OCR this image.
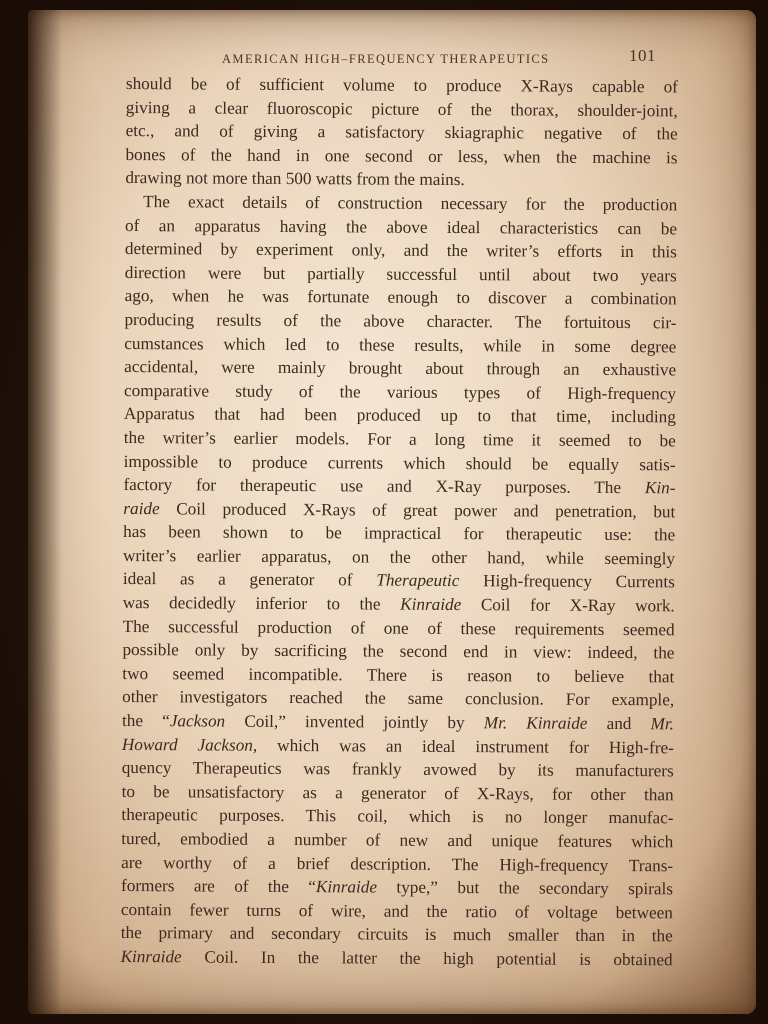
AMERICAN HIGH–FREQUENCY THERAPEUTICS	101
should be of sufficient volume to produce X-Rays capable of
giving a clear fluoroscopic picture of the thorax, shoulder-joint,
etc., and of giving a satisfactory skiagraphic negative of the
bones of the hand in one second or less, when the machine is
drawing not more than 500 watts from the mains.
The exact details of construction necessary for the production
of an apparatus having the above ideal characteristics can be
determined by experiment only, and the writer’s efforts in this
direction were but partially successful until about two years
ago, when he was fortunate enough to discover a combination
producing results of the above character. The fortuitous cir-
cumstances which led to these results, while in some degree
accidental, were mainly brought about through an exhaustive
comparative study of the various types of High-frequency
Apparatus that had been produced up to that time, including
the writer’s earlier models. For a long time it seemed to be
impossible to produce currents which should be equally satis-
factory for therapeutic use and X-Ray purposes. The Kin-
raide Coil produced X-Rays of great power and penetration, but
has been shown to be impractical for therapeutic use: the
writer’s earlier apparatus, on the other hand, while seemingly
ideal as a generator of Therapeutic High-frequency Currents
was decidedly inferior to the Kinraide Coil for X-Ray work.
The successful production of one of these requirements seemed
possible only by sacrificing the second end in view: indeed, the
two seemed incompatible. There is reason to believe that
other investigators reached the same conclusion. For example,
the “Jackson Coil,” invented jointly by Mr. Kinraide and Mr.
Howard Jackson, which was an ideal instrument for High-fre-
quency Therapeutics was frankly avowed by its manufacturers
to be unsatisfactory as a generator of X-Rays, for other than
therapeutic purposes. This coil, which is no longer manufac-
tured, embodied a number of new and unique features which
are worthy of a brief description. The High-frequency Trans-
formers are of the “Kinraide type,” but the secondary spirals
contain fewer turns of wire, and the ratio of voltage between
the primary and secondary circuits is much smaller than in the
Kinraide Coil. In the latter the high potential is obtained
